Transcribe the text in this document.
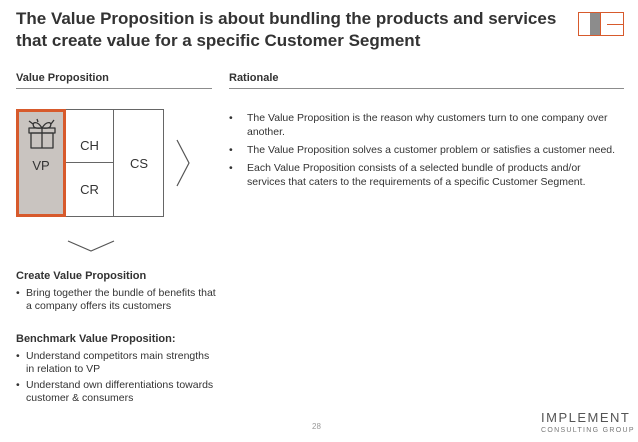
The Value Proposition is about bundling the products and services that create value for a specific Customer Segment
Value Proposition	Rationale
CH
CR
CS
VP
• The Value Proposition is the reason why customers turn to one company over another.
• The Value Proposition solves a customer problem or satisfies a customer need.
• Each Value Proposition consists of a selected bundle of products and/or services that caters to the requirements of a specific Customer Segment.
Create Value Proposition
• Bring together the bundle of benefits that a company offers its customers
Benchmark Value Proposition:
• Understand competitors main strengths in relation to VP
• Understand own differentiations towards customer & consumers
28
IMPLEMENT
CONSULTING GROUP
